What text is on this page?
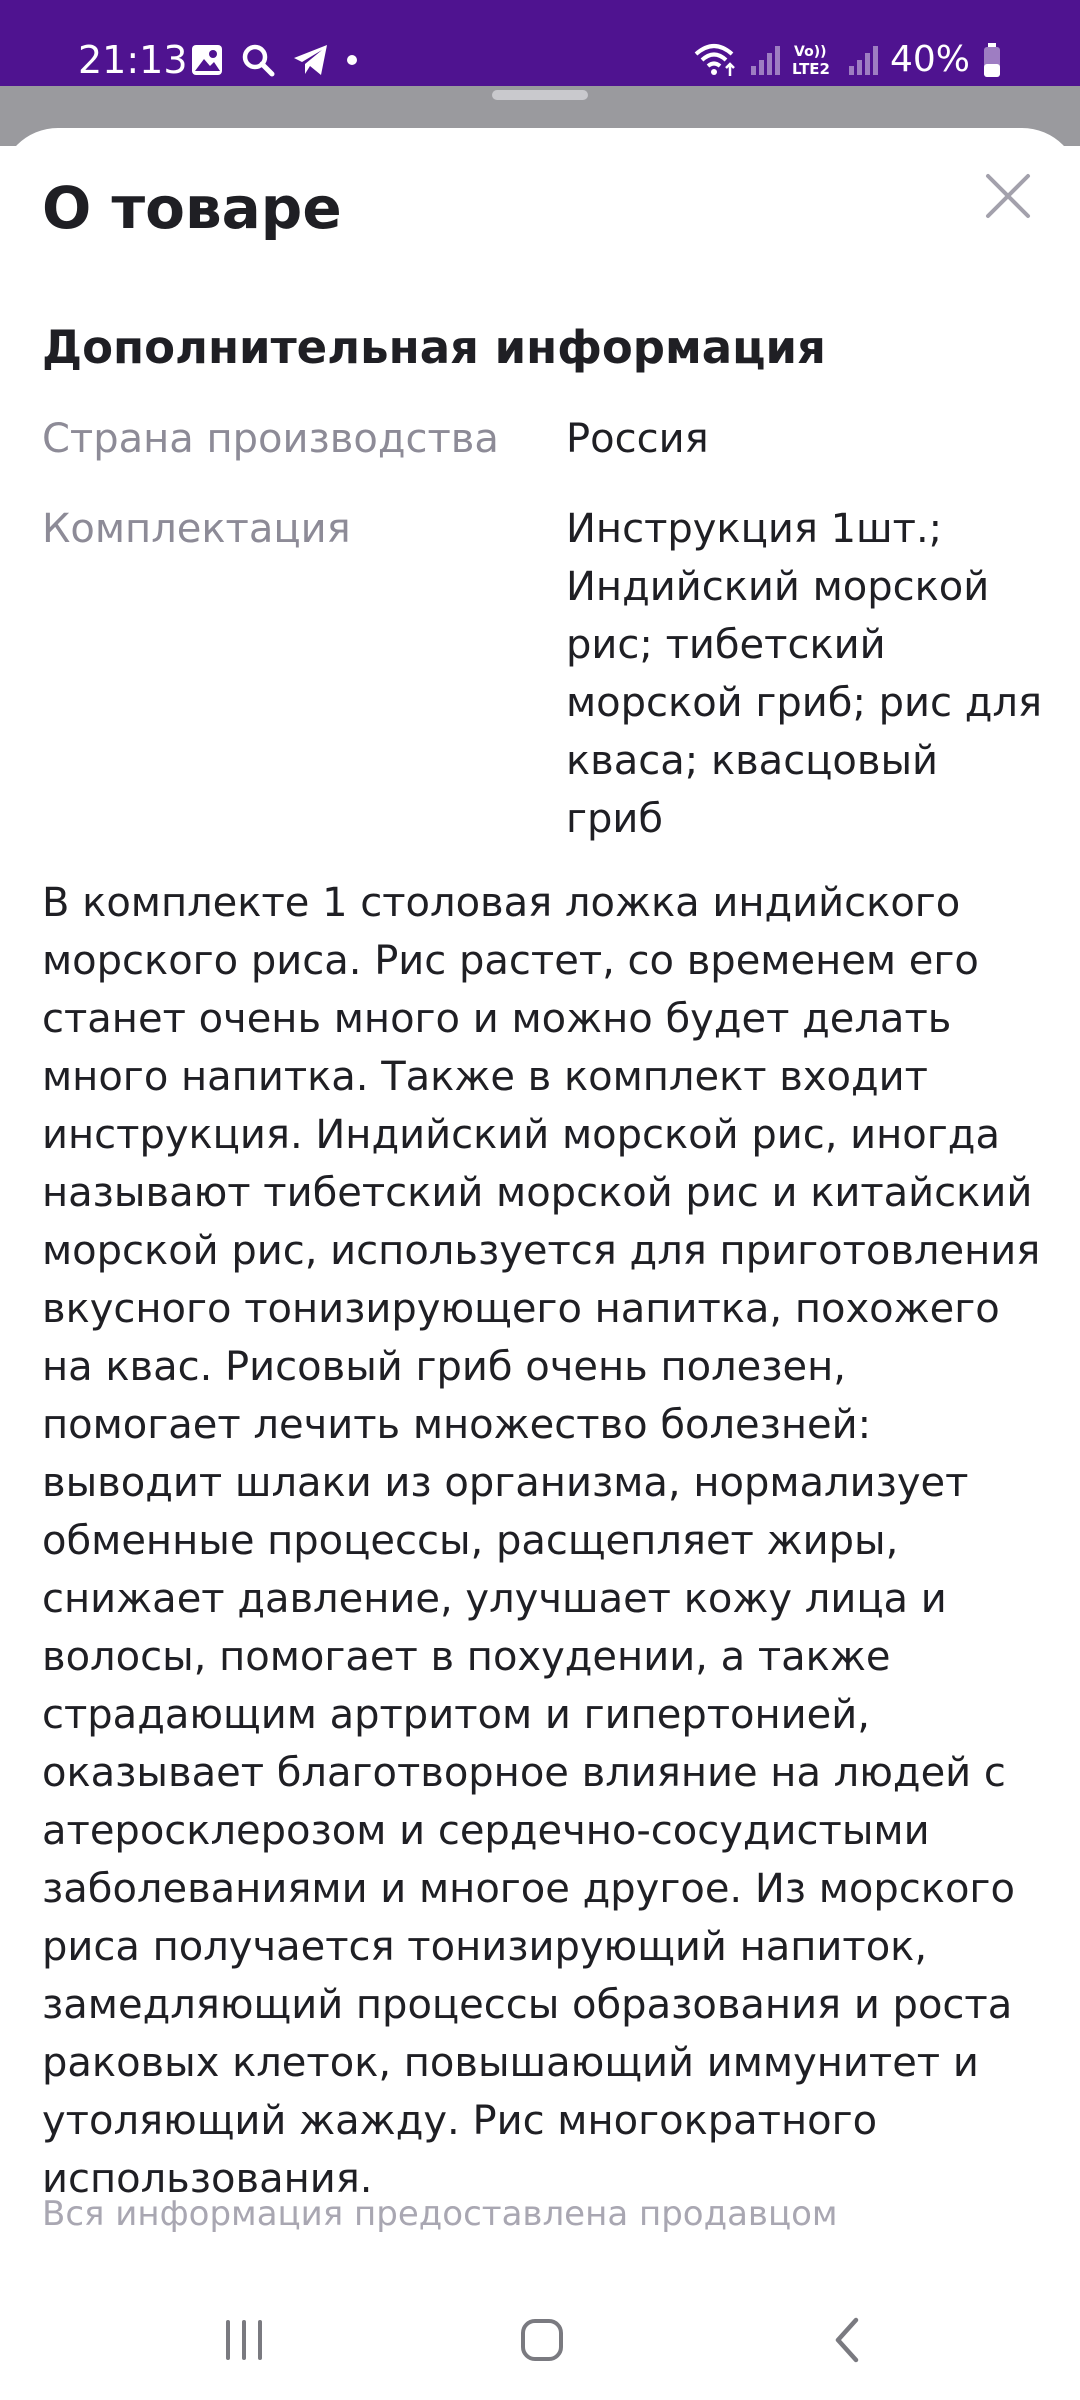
21:13	Vo))
LTE2 40%
О товаре
Дополнительная информация
Страна производства Россия
Комплектация	Инструкция 1шт.; Индийский морской рис; тибетский морской гриб; рис для кваса; квасцовый гриб

В комплекте 1 столовая ложка индийского морского риса. Рис растет, со временем его станет очень много и можно будет делать много напитка. Также в комплект входит инструкция. Индийский морской рис, иногда называют тибетский морской рис и китайский морской рис, используется для приготовления вкусного тонизирующего напитка, похожего на квас. Рисовый гриб очень полезен, помогает лечить множество болезней: выводит шлаки из организма, нормализует обменные процессы, расщепляет жиры, снижает давление, улучшает кожу лица и волосы, помогает в похудении, а также страдающим артритом и гипертонией, оказывает благотворное влияние на людей с атеросклерозом и сердечно-сосудистыми заболеваниями и многое другое. Из морского риса получается тонизирующий напиток, замедляющий процессы образования и роста раковых клеток, повышающий иммунитет и утоляющий жажду. Рис многократного использования.

Вся информация предоставлена продавцом
